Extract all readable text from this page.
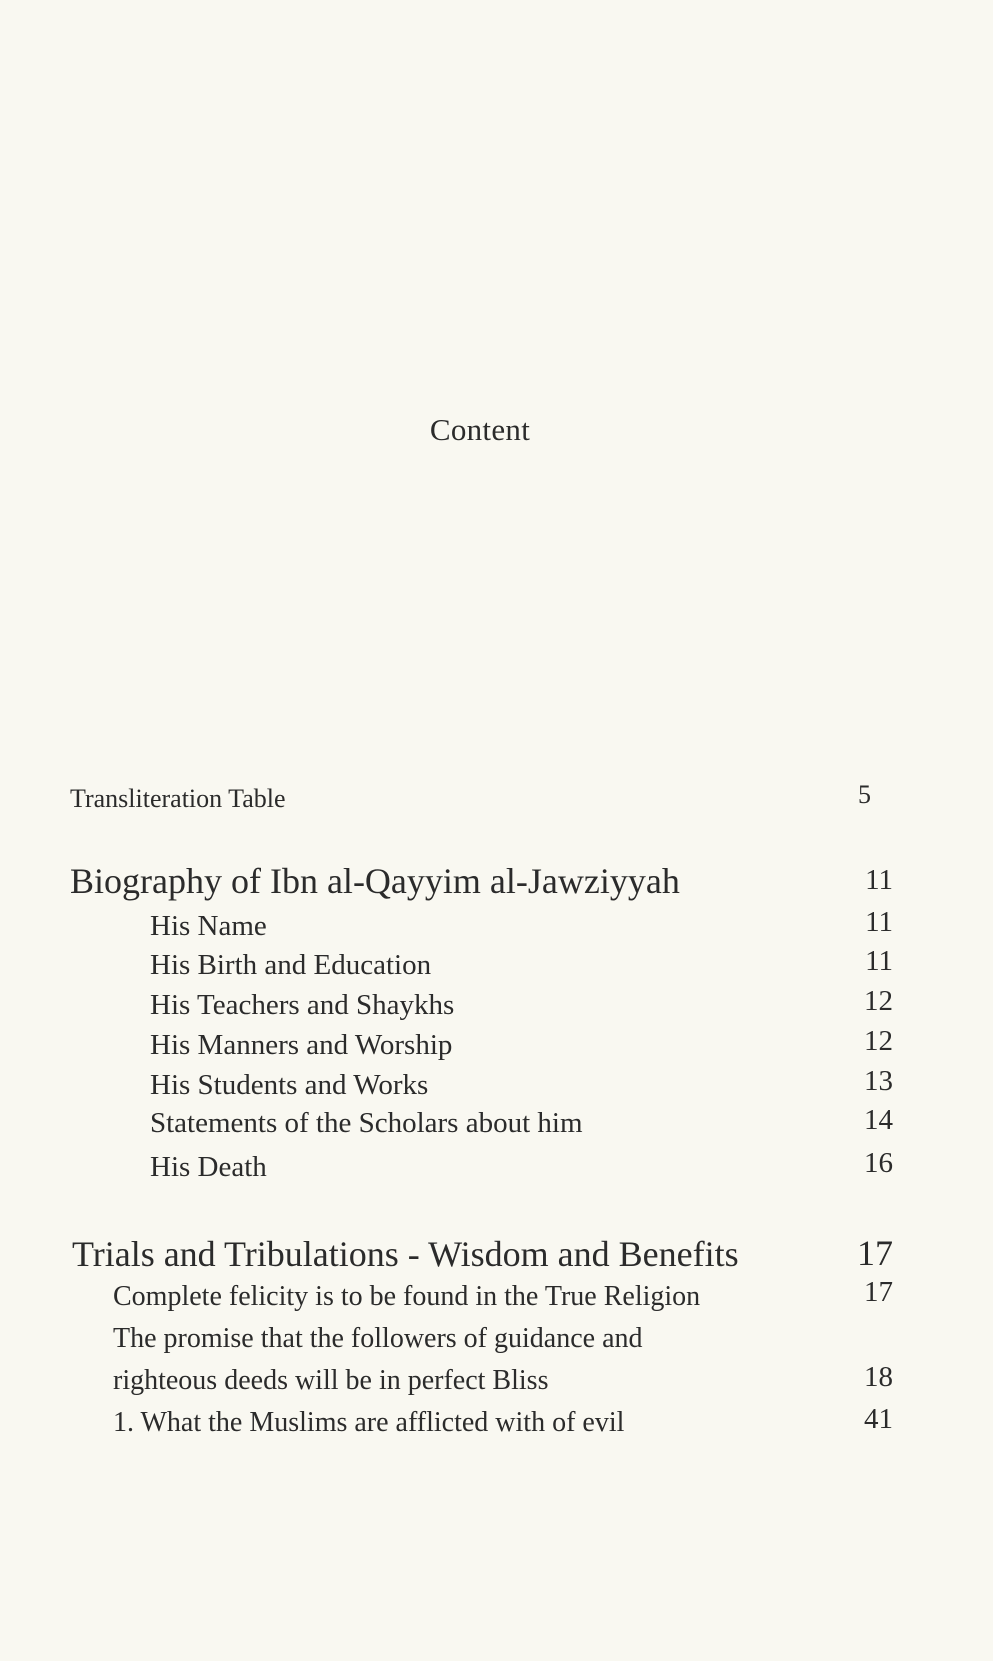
Content
Transliteration Table	5
Biography of Ibn al-Qayyim al-Jawziyyah	11
His Name	11
His Birth and Education	11
His Teachers and Shaykhs	12
His Manners and Worship	12
His Students and Works	13
Statements of the Scholars about him	14
His Death	16
Trials and Tribulations - Wisdom and Benefits	17
Complete felicity is to be found in the True Religion	17
The promise that the followers of guidance and
righteous deeds will be in perfect Bliss	18
1. What the Muslims are afflicted with of evil	41
